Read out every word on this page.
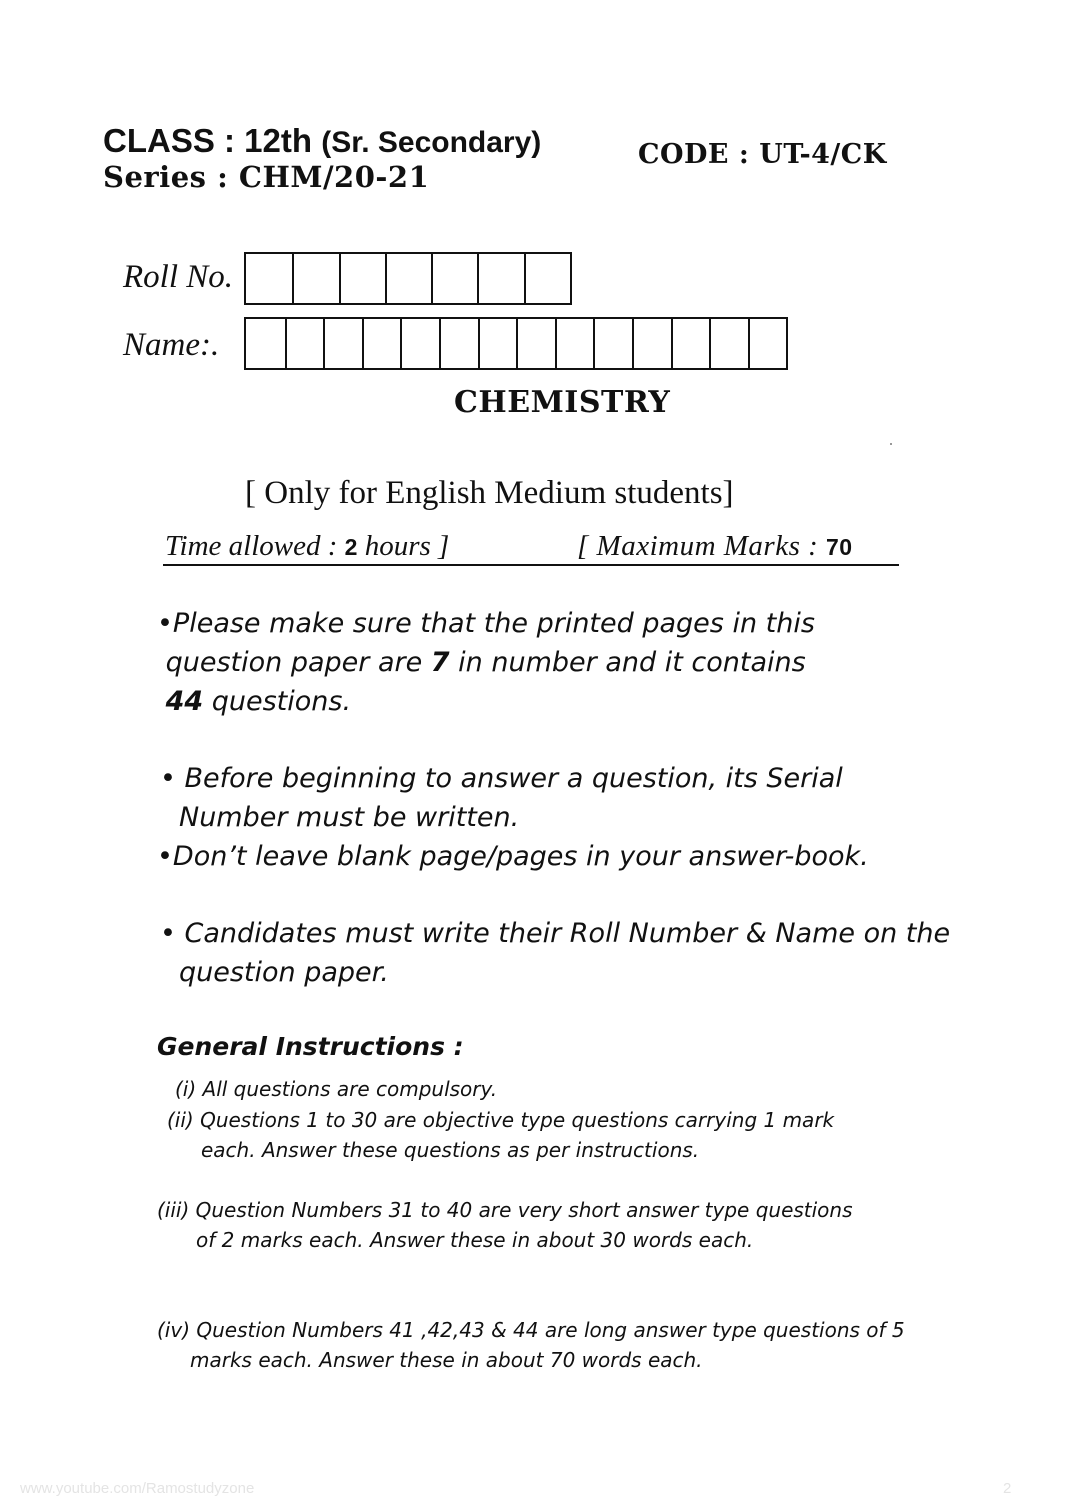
CLASS : 12th (Sr. Secondary)
Series : CHM/20-21
CODE : UT-4/CK
Roll No.
Name:.
CHEMISTRY
[ Only for English Medium students]
Time allowed : 2 hours ]	[ Maximum Marks : 70
•Please make sure that the printed pages in this
question paper are 7 in number and it contains
44 questions.
• Before beginning to answer a question, its Serial
Number must be written.
•Don’t leave blank page/pages in your answer-book.
• Candidates must write their Roll Number & Name on the
question paper.
General Instructions :
(i) All questions are compulsory.
(ii) Questions 1 to 30 are objective type questions carrying 1 mark
each. Answer these questions as per instructions.
(iii) Question Numbers 31 to 40 are very short answer type questions
of 2 marks each. Answer these in about 30 words each.
(iv) Question Numbers 41 ,42,43 & 44 are long answer type questions of 5
marks each. Answer these in about 70 words each.
www.youtube.com/Ramostudyzone	2
